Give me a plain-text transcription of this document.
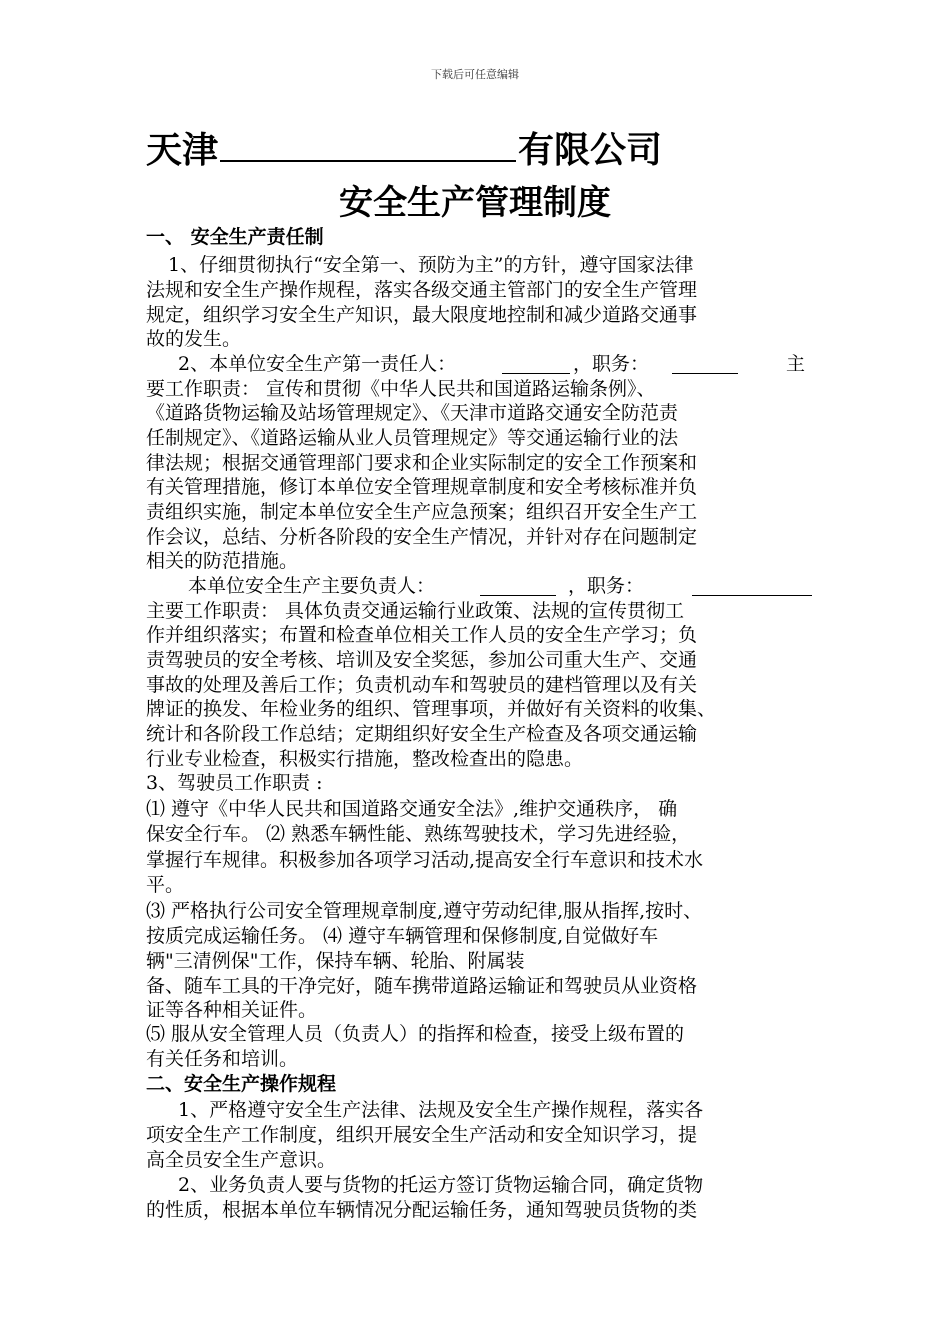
下载后可任意编辑
天津	有限公司
安全生产管理制度
一、 安全生产责任制
1、仔细贯彻执行“安全第一、预防为主”的方针，遵守国家法律
法规和安全生产操作规程，落实各级交通主管部门的安全生产管理
规定，组织学习安全生产知识，最大限度地控制和减少道路交通事
故的发生。
2、本单位安全生产第一责任人：	，职务：	主
要工作职责： 宣传和贯彻《中华人民共和国道路运输条例》、
《道路货物运输及站场管理规定》、《天津市道路交通安全防范责
任制规定》、《道路运输从业人员管理规定》等交通运输行业的法
律法规；根据交通管理部门要求和企业实际制定的安全工作预案和
有关管理措施，修订本单位安全管理规章制度和安全考核标准并负
责组织实施，制定本单位安全生产应急预案；组织召开安全生产工
作会议，总结、分析各阶段的安全生产情况，并针对存在问题制定
相关的防范措施。
本单位安全生产主要负责人：	，职务：
主要工作职责： 具体负责交通运输行业政策、法规的宣传贯彻工
作并组织落实；布置和检查单位相关工作人员的安全生产学习；负
责驾驶员的安全考核、培训及安全奖惩，参加公司重大生产、交通
事故的处理及善后工作；负责机动车和驾驶员的建档管理以及有关
牌证的换发、年检业务的组织、管理事项，并做好有关资料的收集、
统计和各阶段工作总结；定期组织好安全生产检查及各项交通运输
行业专业检查，积极实行措施，整改检查出的隐患。
3、驾驶员工作职责 :
⑴ 遵守《中华人民共和国道路交通安全法》,维护交通秩序， 确
保安全行车。 ⑵ 熟悉车辆性能、熟练驾驶技术，学习先进经验，
掌握行车规律。积极参加各项学习活动,提高安全行车意识和技术水
平。
⑶ 严格执行公司安全管理规章制度,遵守劳动纪律,服从指挥,按时、
按质完成运输任务。 ⑷ 遵守车辆管理和保修制度,自觉做好车
辆"三清例保"工作，保持车辆、轮胎、附属装
备、随车工具的干净完好，随车携带道路运输证和驾驶员从业资格
证等各种相关证件。
⑸ 服从安全管理人员（负责人）的指挥和检查，接受上级布置的
有关任务和培训。
二、安全生产操作规程
1、严格遵守安全生产法律、法规及安全生产操作规程，落实各
项安全生产工作制度，组织开展安全生产活动和安全知识学习，提
高全员安全生产意识。
2、业务负责人要与货物的托运方签订货物运输合同，确定货物
的性质，根据本单位车辆情况分配运输任务，通知驾驶员货物的类
